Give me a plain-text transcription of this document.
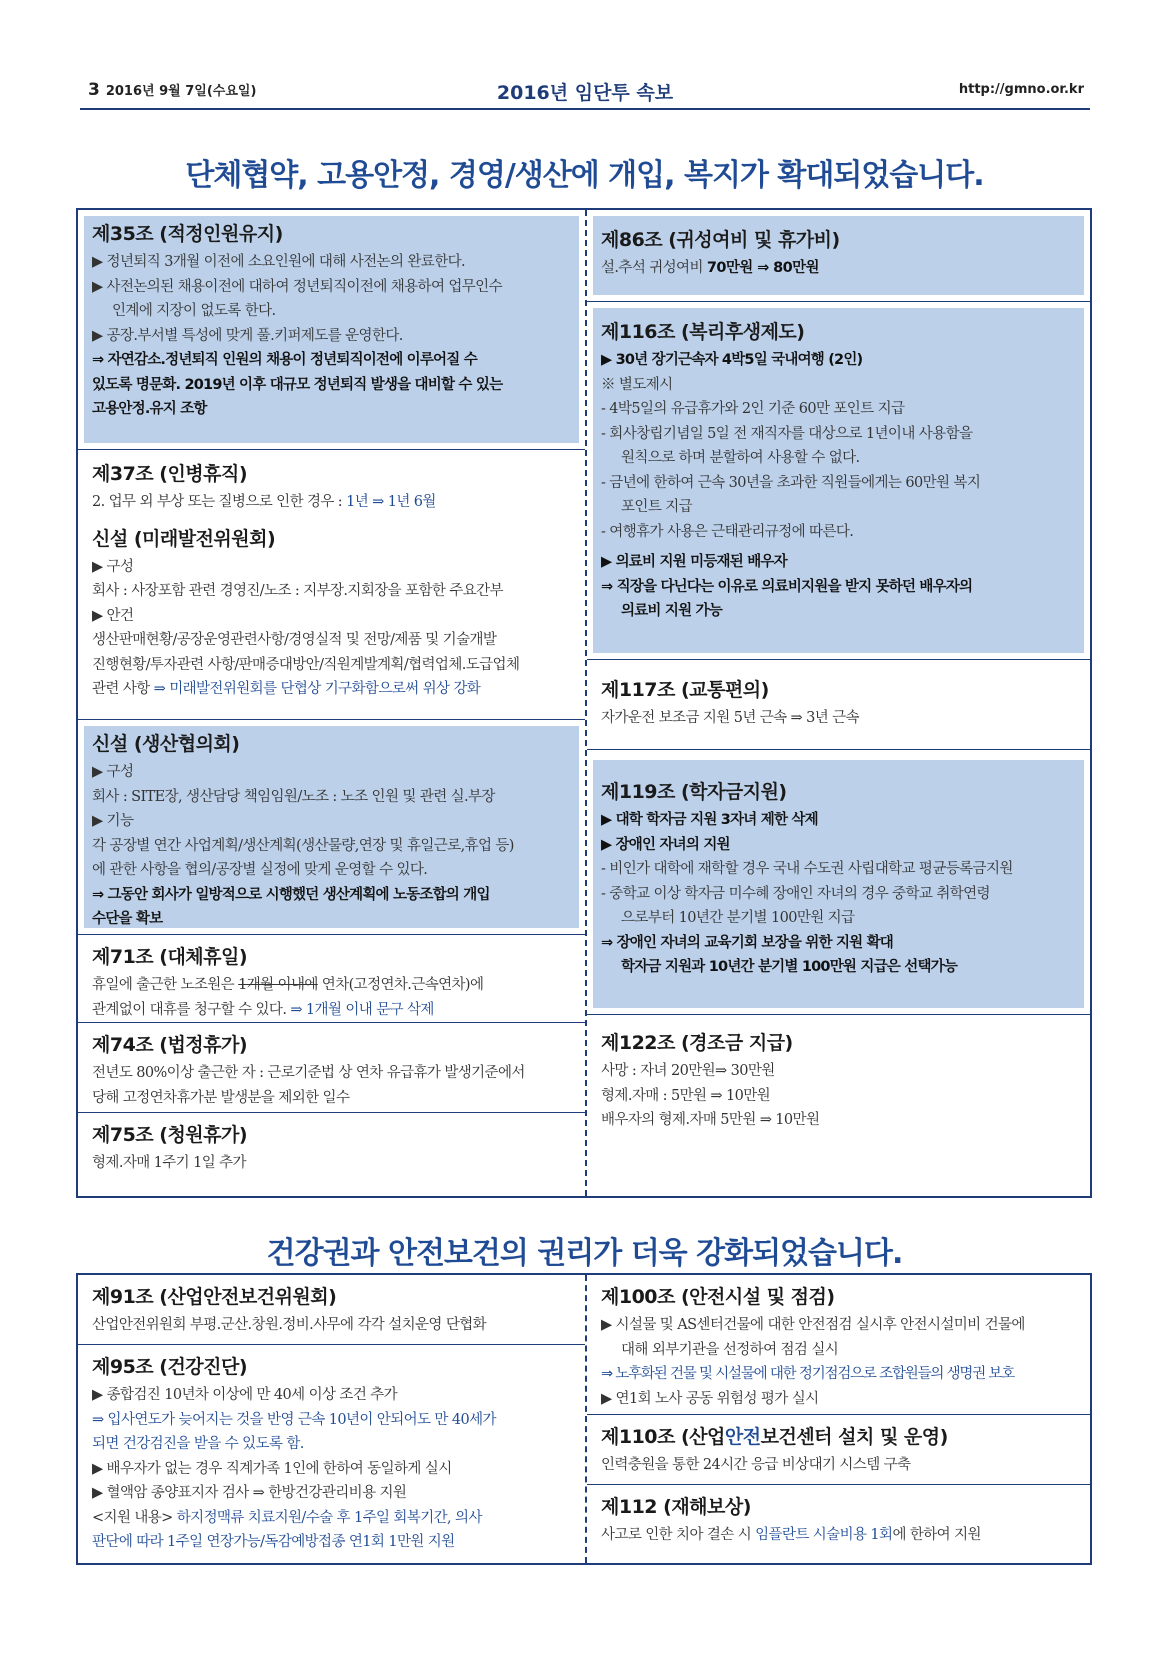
3 2016년 9월 7일(수요일)	2016년 임단투 속보	http://gmno.or.kr
단체협약, 고용안정, 경영/생산에 개입, 복지가 확대되었습니다.
제35조 (적정인원유지)
▶ 정년퇴직 3개월 이전에 소요인원에 대해 사전논의 완료한다.
▶ 사전논의된 채용이전에 대하여 정년퇴직이전에 채용하여 업무인수
인계에 지장이 없도록 한다.
▶ 공장.부서별 특성에 맞게 풀.키퍼제도를 운영한다.
⇒ 자연감소.정년퇴직 인원의 채용이 정년퇴직이전에 이루어질 수
있도록 명문화. 2019년 이후 대규모 정년퇴직 발생을 대비할 수 있는
고용안정.유지 조항
제37조 (인병휴직)
2. 업무 외 부상 또는 질병으로 인한 경우 : 1년 ⇒ 1년 6월
신설 (미래발전위원회)
▶ 구성
회사 : 사장포함 관련 경영진/노조 : 지부장.지회장을 포함한 주요간부
▶ 안건
생산판매현황/공장운영관련사항/경영실적 및 전망/제품 및 기술개발
진행현황/투자관련 사항/판매증대방안/직원계발계획/협력업체.도급업체
관련 사항 ⇒ 미래발전위원회를 단협상 기구화함으로써 위상 강화
신설 (생산협의회)
▶ 구성
회사 : SITE장, 생산담당 책임임원/노조 : 노조 인원 및 관련 실.부장
▶ 기능
각 공장별 연간 사업계획/생산계획(생산물량,연장 및 휴일근로,휴업 등)
에 관한 사항을 협의/공장별 실정에 맞게 운영할 수 있다.
⇒ 그동안 회사가 일방적으로 시행했던 생산계획에 노동조합의 개입
수단을 확보
제71조 (대체휴일)
휴일에 출근한 노조원은 1개월 이내에 연차(고정연차.근속연차)에
관계없이 대휴를 청구할 수 있다. ⇒ 1개월 이내 문구 삭제
제74조 (법정휴가)
전년도 80%이상 출근한 자 : 근로기준법 상 연차 유급휴가 발생기준에서
당해 고정연차휴가분 발생분을 제외한 일수
제75조 (청원휴가)
형제.자매 1주기 1일 추가
제86조 (귀성여비 및 휴가비)
설.추석 귀성여비 70만원 ⇒ 80만원
제116조 (복리후생제도)
▶ 30년 장기근속자 4박5일 국내여행 (2인)
※ 별도제시
- 4박5일의 유급휴가와 2인 기준 60만 포인트 지급
- 회사창립기념일 5일 전 재직자를 대상으로 1년이내 사용함을
원칙으로 하며 분할하여 사용할 수 없다.
- 금년에 한하여 근속 30년을 초과한 직원들에게는 60만원 복지
포인트 지급
- 여행휴가 사용은 근태관리규정에 따른다.
▶ 의료비 지원 미등재된 배우자
⇒ 직장을 다닌다는 이유로 의료비지원을 받지 못하던 배우자의
의료비 지원 가능
제117조 (교통편의)
자가운전 보조금 지원 5년 근속 ⇒ 3년 근속
제119조 (학자금지원)
▶ 대학 학자금 지원 3자녀 제한 삭제
▶ 장애인 자녀의 지원
- 비인가 대학에 재학할 경우 국내 수도권 사립대학교 평균등록금지원
- 중학교 이상 학자금 미수혜 장애인 자녀의 경우 중학교 취학연령
으로부터 10년간 분기별 100만원 지급
⇒ 장애인 자녀의 교육기회 보장을 위한 지원 확대
학자금 지원과 10년간 분기별 100만원 지급은 선택가능
제122조 (경조금 지급)
사망 : 자녀 20만원⇒ 30만원
형제.자매 : 5만원 ⇒ 10만원
배우자의 형제.자매 5만원 ⇒ 10만원
건강권과 안전보건의 권리가 더욱 강화되었습니다.
제91조 (산업안전보건위원회)
산업안전위원회 부평.군산.창원.정비.사무에 각각 설치운영 단협화
제95조 (건강진단)
▶ 종합검진 10년차 이상에 만 40세 이상 조건 추가
⇒ 입사연도가 늦어지는 것을 반영 근속 10년이 안되어도 만 40세가
되면 건강검진을 받을 수 있도록 함.
▶ 배우자가 없는 경우 직계가족 1인에 한하여 동일하게 실시
▶ 혈액암 종양표지자 검사 ⇒ 한방건강관리비용 지원
<지원 내용> 하지정맥류 치료지원/수술 후 1주일 회복기간, 의사
판단에 따라 1주일 연장가능/독감예방접종 연1회 1만원 지원
제100조 (안전시설 및 점검)
▶ 시설물 및 AS센터건물에 대한 안전점검 실시후 안전시설미비 건물에
대해 외부기관을 선정하여 점검 실시
⇒ 노후화된 건물 및 시설물에 대한 정기점검으로 조합원들의 생명권 보호
▶ 연1회 노사 공동 위험성 평가 실시
제110조 (산업안전보건센터 설치 및 운영)
인력충원을 통한 24시간 응급 비상대기 시스템 구축
제112 (재해보상)
사고로 인한 치아 결손 시 임플란트 시술비용 1회에 한하여 지원
